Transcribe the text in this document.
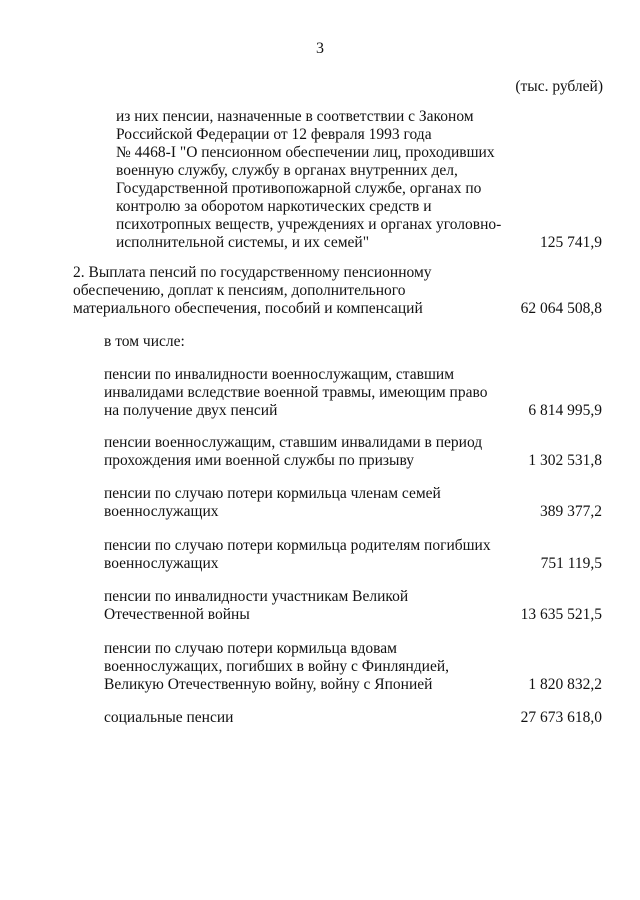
3
(тыс. рублей)

из них пенсии, назначенные в соответствии с Законом
Российской Федерации от 12 февраля 1993 года
№ 4468-I "О пенсионном обеспечении лиц, проходивших
военную службу, службу в органах внутренних дел,
Государственной противопожарной службе, органах по
контролю за оборотом наркотических средств и
психотропных веществ, учреждениях и органах уголовно-
исполнительной системы, и их семей"	125 741,9

2. Выплата пенсий по государственному пенсионному
обеспечению, доплат к пенсиям, дополнительного
материального обеспечения, пособий и компенсаций	62 064 508,8

в том числе:

пенсии по инвалидности военнослужащим, ставшим
инвалидами вследствие военной травмы, имеющим право
на получение двух пенсий	6 814 995,9

пенсии военнослужащим, ставшим инвалидами в период
прохождения ими военной службы по призыву	1 302 531,8

пенсии по случаю потери кормильца членам семей
военнослужащих	389 377,2

пенсии по случаю потери кормильца родителям погибших
военнослужащих	751 119,5

пенсии по инвалидности участникам Великой
Отечественной войны	13 635 521,5

пенсии по случаю потери кормильца вдовам
военнослужащих, погибших в войну с Финляндией,
Великую Отечественную войну, войну с Японией	1 820 832,2

социальные пенсии	27 673 618,0
